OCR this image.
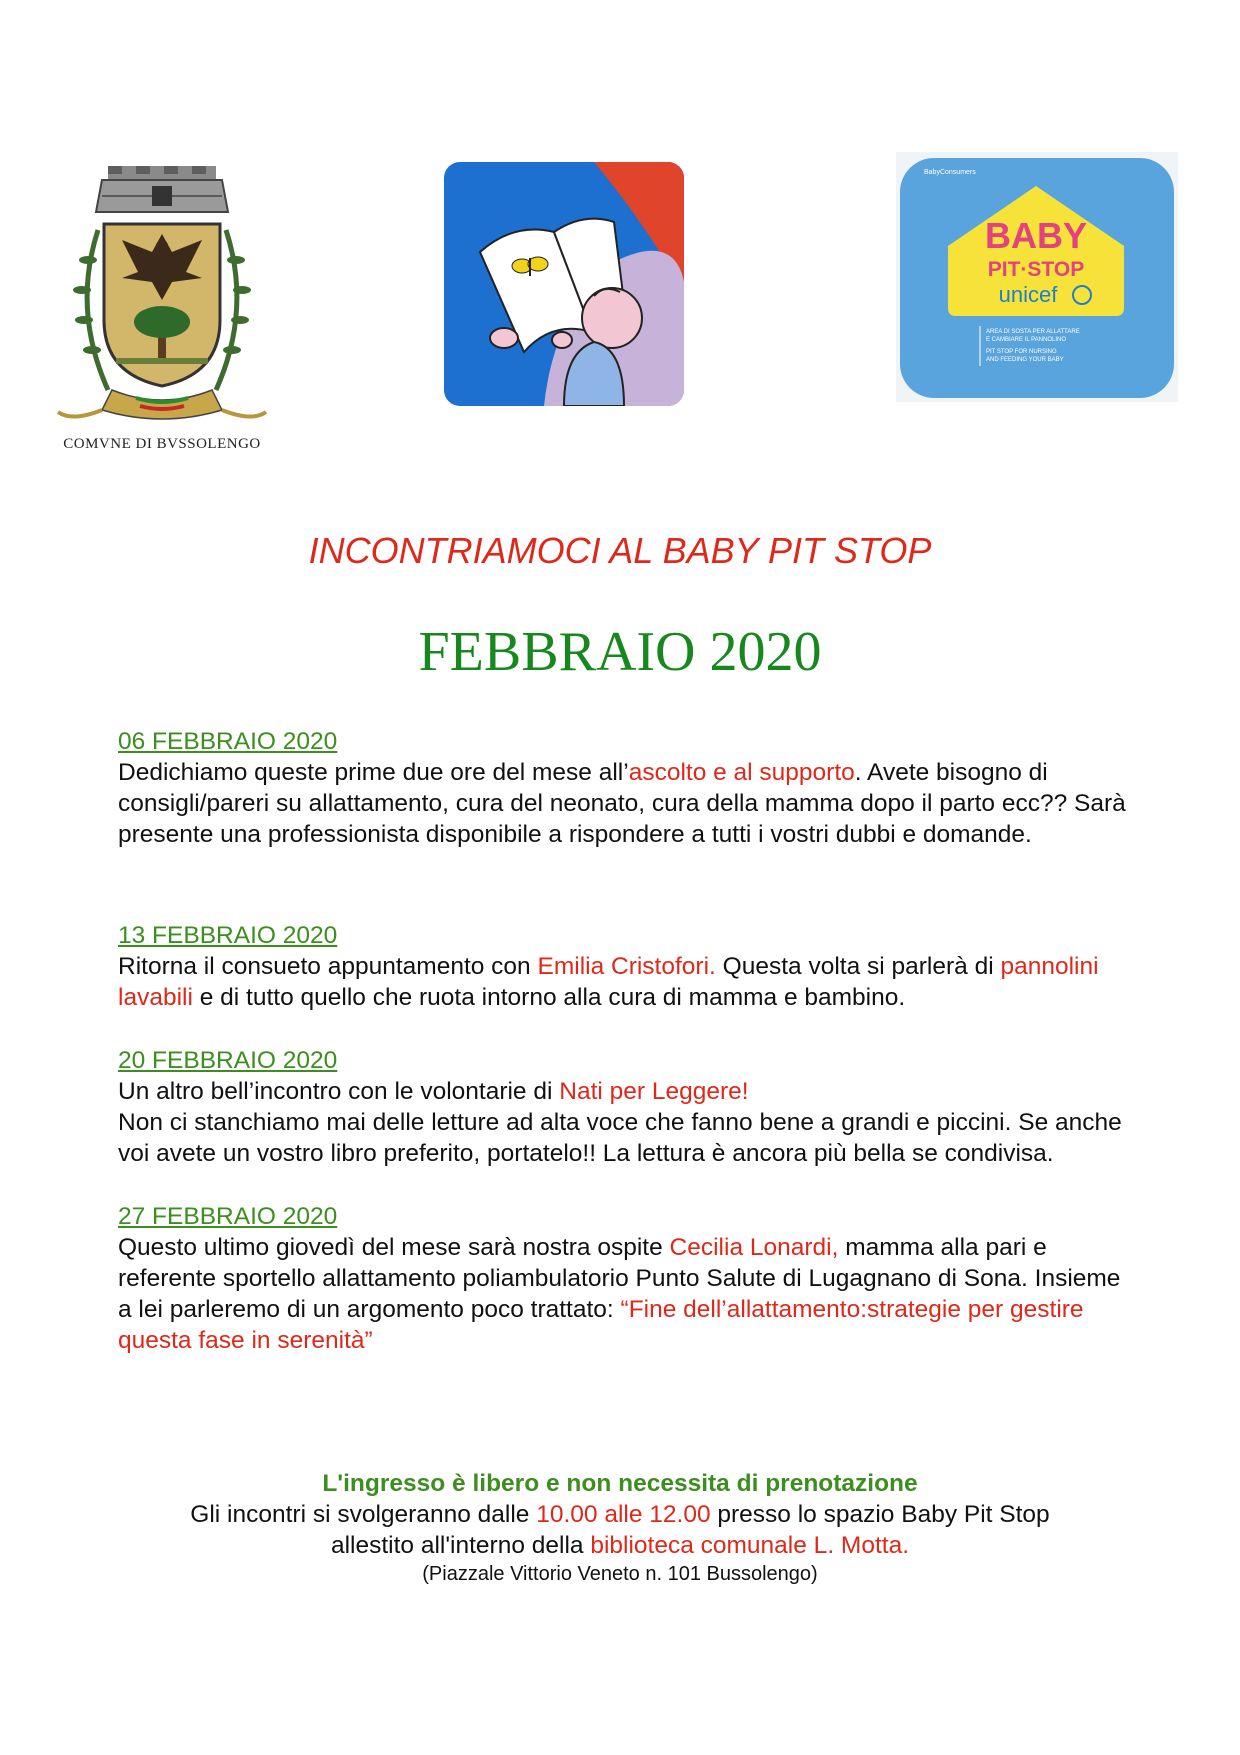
COMVNE DI BVSSOLENGO
BabyConsumers
BABY
PIT·STOP
unicef
AREA DI SOSTA PER ALLATTARE
E CAMBIARE IL PANNOLINO
PIT STOP FOR NURSING
AND FEEDING YOUR BABY
INCONTRIAMOCI AL BABY PIT STOP
FEBBRAIO 2020
06 FEBBRAIO 2020

Dedichiamo queste prime due ore del mese all’ascolto e al supporto. Avete bisogno di consigli/pareri su allattamento, cura del neonato, cura della mamma dopo il parto ecc?? Sarà presente una professionista disponibile a rispondere a tutti i vostri dubbi e domande.

13 FEBBRAIO 2020

Ritorna il consueto appuntamento con Emilia Cristofori. Questa volta si parlerà di pannolini lavabili e di tutto quello che ruota intorno alla cura di mamma e bambino.

20 FEBBRAIO 2020

Un altro bell’incontro con le volontarie di Nati per Leggere!
Non ci stanchiamo mai delle letture ad alta voce che fanno bene a grandi e piccini. Se anche voi avete un vostro libro preferito, portatelo!! La lettura è ancora più bella se condivisa.

27 FEBBRAIO 2020

Questo ultimo giovedì del mese sarà nostra ospite Cecilia Lonardi, mamma alla pari e referente sportello allattamento poliambulatorio Punto Salute di Lugagnano di Sona. Insieme a lei parleremo di un argomento poco trattato: “Fine dell’allattamento:strategie per gestire questa fase in serenità”

L'ingresso è libero e non necessita di prenotazione
Gli incontri si svolgeranno dalle 10.00 alle 12.00 presso lo spazio Baby Pit Stop
allestito all'interno della biblioteca comunale L. Motta.
(Piazzale Vittorio Veneto n. 101 Bussolengo)
